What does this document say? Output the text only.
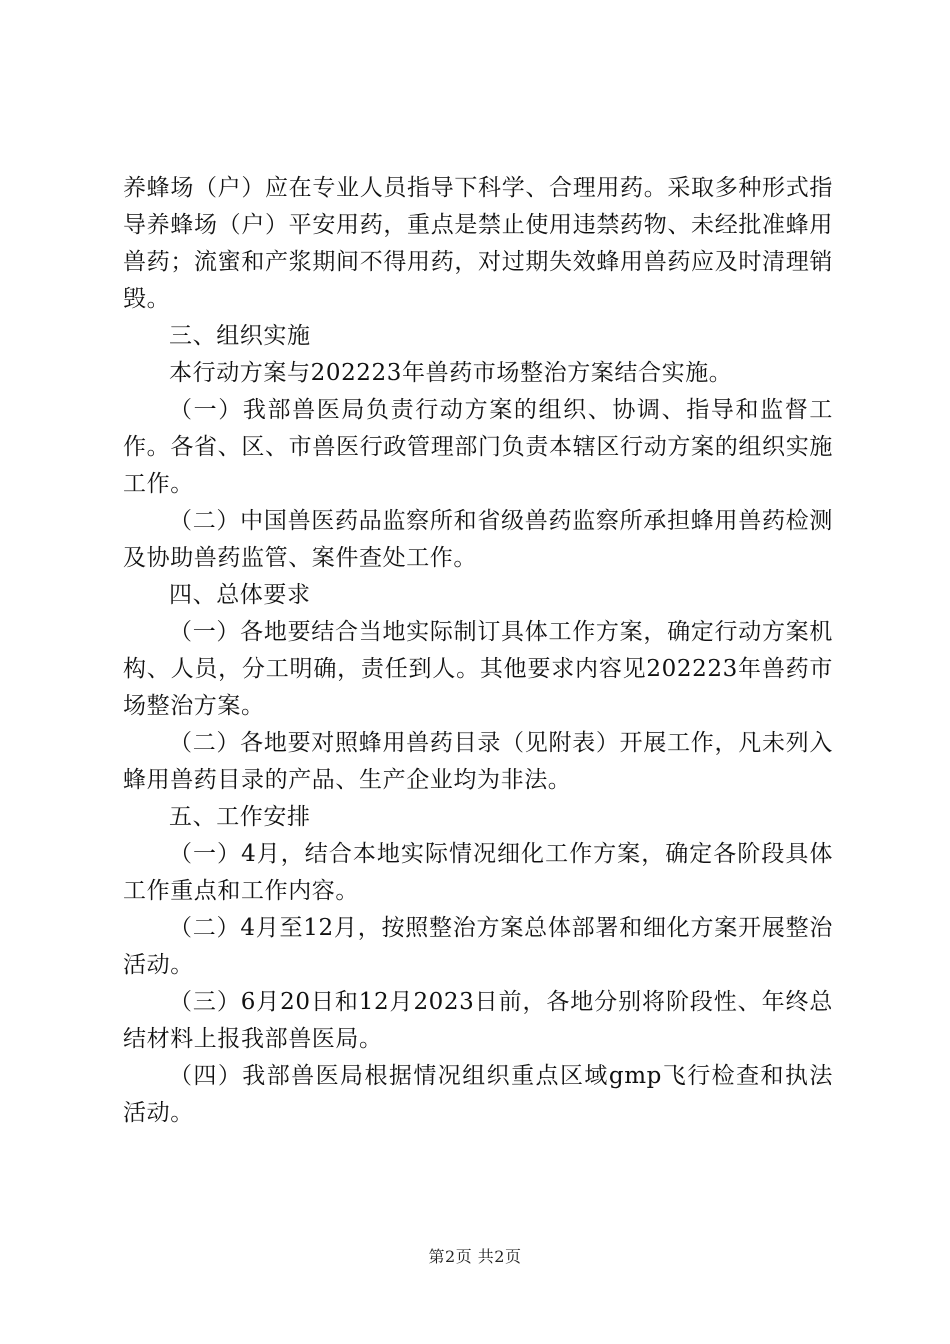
养蜂场（户）应在专业人员指导下科学、合理用药。采取多种形式指导养蜂场（户）平安用药，重点是禁止使用违禁药物、未经批准蜂用兽药；流蜜和产浆期间不得用药，对过期失效蜂用兽药应及时清理销毁。

三、组织实施

本行动方案与202223年兽药市场整治方案结合实施。

（一）我部兽医局负责行动方案的组织、协调、指导和监督工作。各省、区、市兽医行政管理部门负责本辖区行动方案的组织实施工作。

（二）中国兽医药品监察所和省级兽药监察所承担蜂用兽药检测及协助兽药监管、案件查处工作。

四、总体要求

（一）各地要结合当地实际制订具体工作方案，确定行动方案机构、人员，分工明确，责任到人。其他要求内容见202223年兽药市场整治方案。

（二）各地要对照蜂用兽药目录（见附表）开展工作，凡未列入蜂用兽药目录的产品、生产企业均为非法。

五、工作安排

（一）4月，结合本地实际情况细化工作方案，确定各阶段具体工作重点和工作内容。

（二）4月至12月，按照整治方案总体部署和细化方案开展整治活动。

（三）6月20日和12月2023日前，各地分别将阶段性、年终总结材料上报我部兽医局。

（四）我部兽医局根据情况组织重点区域gmp飞行检查和执法活动。

第2页 共2页
